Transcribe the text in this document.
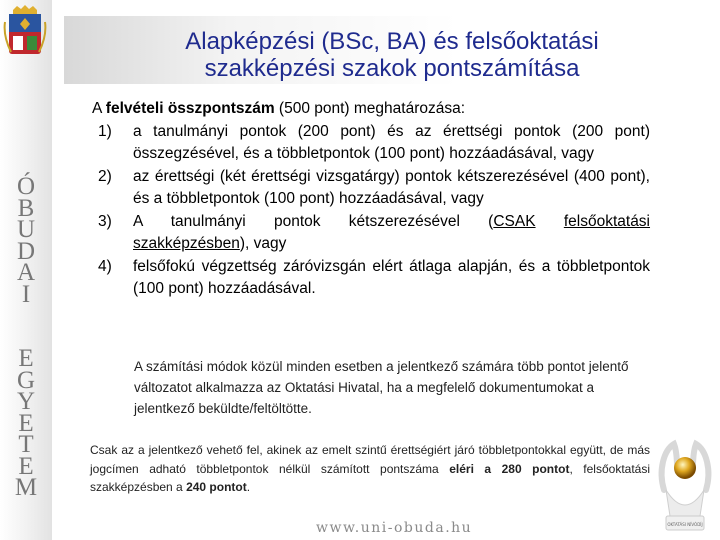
Ó
B
U
D
A
I
E
G
Y
E
T
E
M
Alapképzési (BSc, BA) és felsőoktatási
szakképzési szakok pontszámítása
A felvételi összpontszám (500 pont) meghatározása:
1) a tanulmányi pontok (200 pont) és az érettségi pontok (200 pont) összegzésével, és a többletpontok (100 pont) hozzáadásával, vagy
2) az érettségi (két érettségi vizsgatárgy) pontok kétszerezésével (400 pont), és a többletpontok (100 pont) hozzáadásával, vagy
3) A tanulmányi pontok kétszerezésével (CSAK felsőoktatási szakképzésben), vagy
4) felsőfokú végzettség záróvizsgán elért átlaga alapján, és a többletpontok (100 pont) hozzáadásával.
A számítási módok közül minden esetben a jelentkező számára több pontot jelentő változatot alkalmazza az Oktatási Hivatal, ha a megfelelő dokumentumokat a jelentkező beküldte/feltöltötte.
Csak az a jelentkező vehető fel, akinek az emelt szintű érettségiért járó többletpontokkal együtt, de más jogcímen adható többletpontok nélkül számított pontszáma eléri a 280 pontot, felsőoktatási szakképzésben a 240 pontot.
OKTATÁSI NÍVÓDÍJ
www.uni-obuda.hu
